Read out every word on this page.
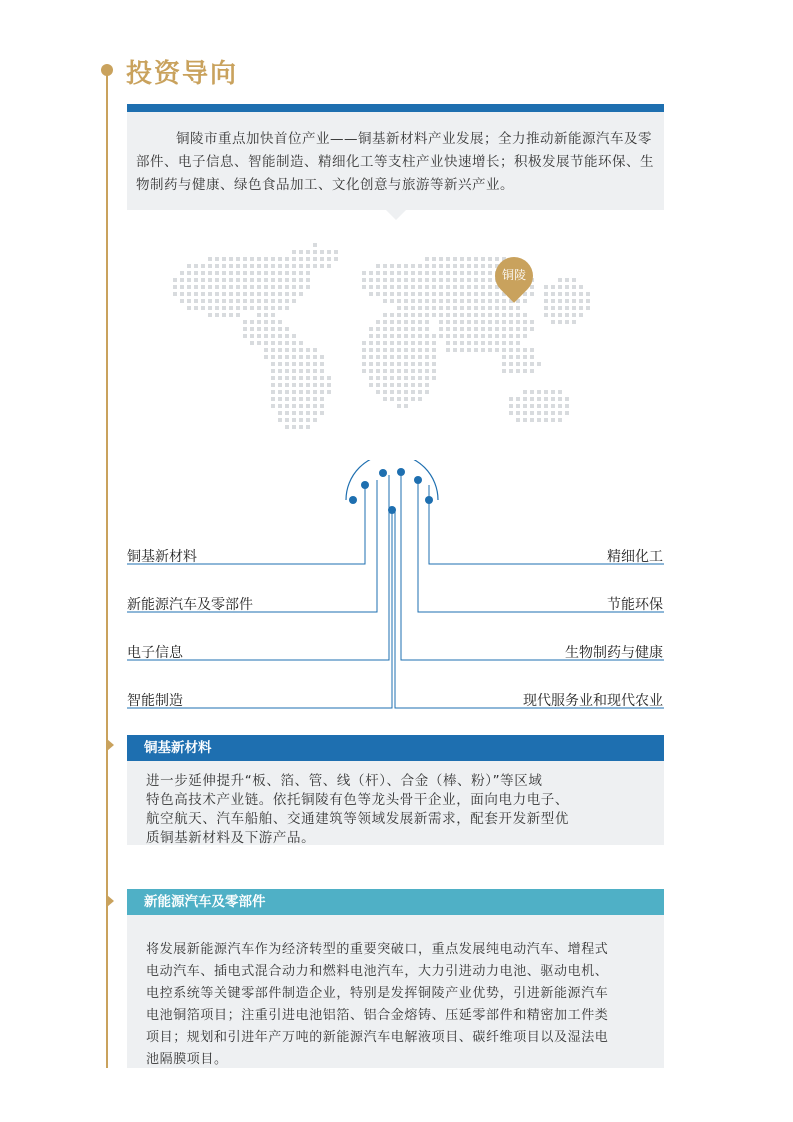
投资导向
铜陵市重点加快首位产业——铜基新材料产业发展；全力推动新能源汽车及零部件、电子信息、智能制造、精细化工等支柱产业快速增长；积极发展节能环保、生物制药与健康、绿色食品加工、文化创意与旅游等新兴产业。
铜陵
铜基新材料
新能源汽车及零部件
电子信息
智能制造
精细化工
节能环保
生物制药与健康
现代服务业和现代农业
铜基新材料
进一步延伸提升“板、箔、管、线（杆）、合金（棒、粉）”等区域
特色高技术产业链。依托铜陵有色等龙头骨干企业，面向电力电子、
航空航天、汽车船舶、交通建筑等领域发展新需求，配套开发新型优
质铜基新材料及下游产品。
新能源汽车及零部件
将发展新能源汽车作为经济转型的重要突破口，重点发展纯电动汽车、增程式
电动汽车、插电式混合动力和燃料电池汽车，大力引进动力电池、驱动电机、
电控系统等关键零部件制造企业，特别是发挥铜陵产业优势，引进新能源汽车
电池铜箔项目；注重引进电池铝箔、铝合金熔铸、压延零部件和精密加工件类
项目；规划和引进年产万吨的新能源汽车电解液项目、碳纤维项目以及湿法电
池隔膜项目。
